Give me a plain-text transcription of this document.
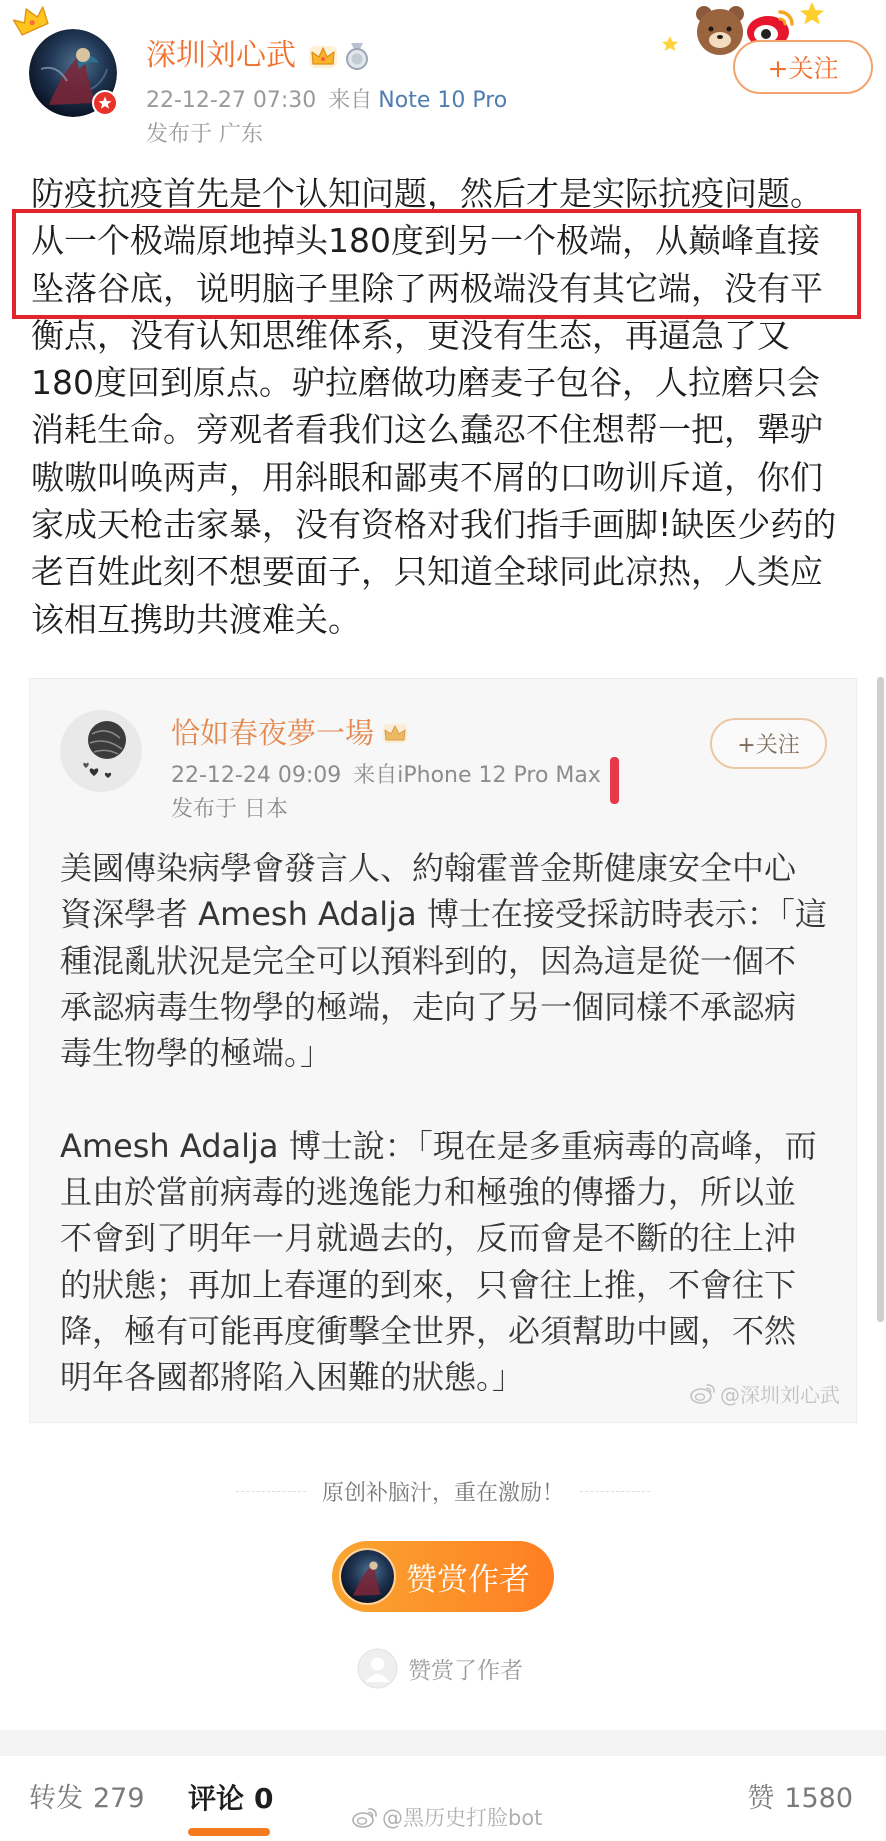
深圳刘心武
22-12-27 07:30 来自 Note 10 Pro
发布于 广东
+关注
防疫抗疫首先是个认知问题，然后才是实际抗疫问题。
从一个极端原地掉头180度到另一个极端，从巅峰直接
坠落谷底，说明脑子里除了两极端没有其它端，没有平
衡点，没有认知思维体系，更没有生态，再逼急了又
180度回到原点。驴拉磨做功磨麦子包谷，人拉磨只会
消耗生命。旁观者看我们这么蠢忍不住想帮一把，犟驴
嗷嗷叫唤两声，用斜眼和鄙夷不屑的口吻训斥道，你们
家成天枪击家暴，没有资格对我们指手画脚!缺医少药的
老百姓此刻不想要面子，只知道全球同此凉热，人类应
该相互携助共渡难关。
恰如春夜夢一場
22-12-24 09:09 来自iPhone 12 Pro Max
发布于 日本
+关注
美國傳染病學會發言人、約翰霍普金斯健康安全中心
資深學者 Amesh Adalja 博士在接受採訪時表示：「這
種混亂狀況是完全可以預料到的，因為這是從一個不
承認病毒生物學的極端，走向了另一個同樣不承認病
毒生物學的極端。」
Amesh Adalja 博士說：「現在是多重病毒的高峰，而
且由於當前病毒的逃逸能力和極強的傳播力，所以並
不會到了明年一月就過去的，反而會是不斷的往上沖
的狀態；再加上春運的到來，只會往上推，不會往下
降，極有可能再度衝擊全世界，必須幫助中國，不然
明年各國都將陷入困難的狀態。」	@深圳刘心武
原创补脑汁，重在激励！
赞赏作者
赞赏了作者
转发 279 评论 0	赞 1580
@黑历史打脸bot
